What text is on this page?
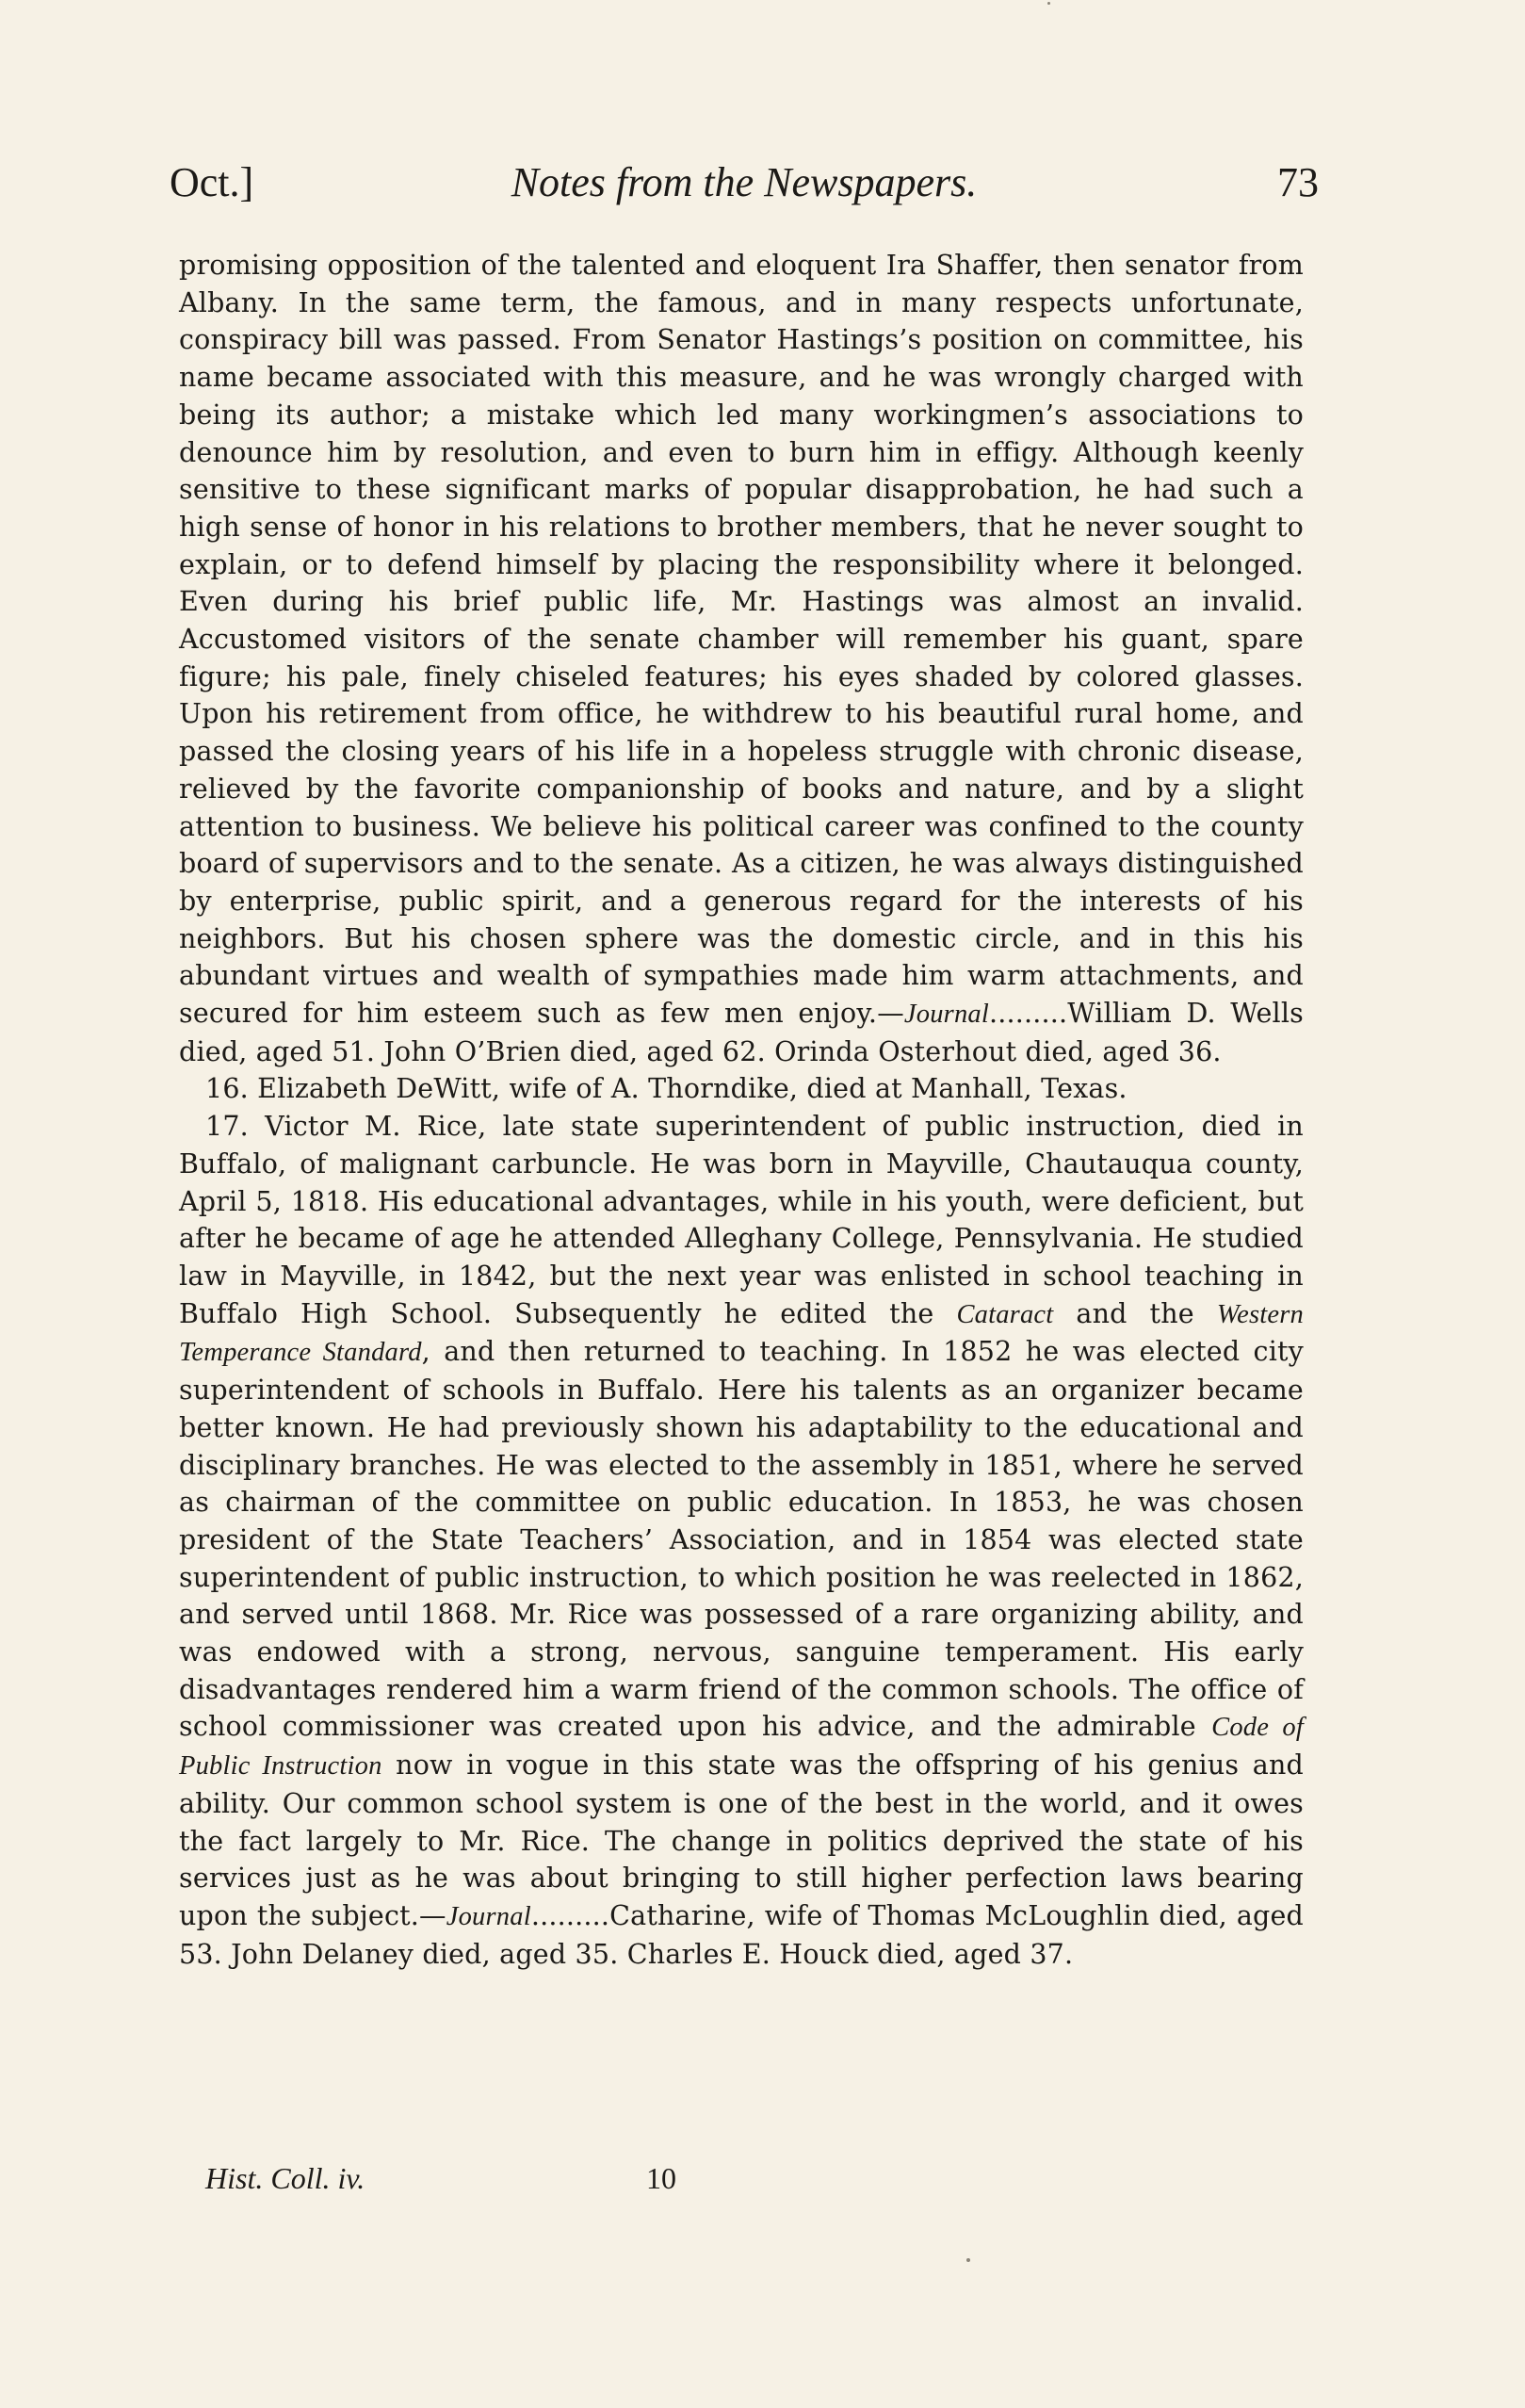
Oct.]	Notes from the Newspapers.	73

promising opposition of the talented and eloquent Ira Shaffer, then senator from Albany. In the same term, the famous, and in many respects unfortunate, conspiracy bill was passed. From Senator Hastings’s position on committee, his name became associated with this measure, and he was wrongly charged with being its author; a mistake which led many workingmen’s associations to denounce him by resolution, and even to burn him in effigy. Although keenly sensitive to these significant marks of popular disapprobation, he had such a high sense of honor in his relations to brother members, that he never sought to explain, or to defend himself by placing the responsibility where it belonged. Even during his brief public life, Mr. Hastings was almost an invalid. Accustomed visitors of the senate chamber will remember his guant, spare figure; his pale, finely chiseled features; his eyes shaded by colored glasses. Upon his retirement from office, he withdrew to his beautiful rural home, and passed the closing years of his life in a hopeless struggle with chronic disease, relieved by the favorite companionship of books and nature, and by a slight attention to business. We believe his political career was confined to the county board of supervisors and to the senate. As a citizen, he was always distinguished by enterprise, public spirit, and a generous regard for the interests of his neighbors. But his chosen sphere was the domestic circle, and in this his abundant virtues and wealth of sympathies made him warm attachments, and secured for him esteem such as few men enjoy.—Journal.........William D. Wells died, aged 51. John O’Brien died, aged 62. Orinda Osterhout died, aged 36.

16. Elizabeth DeWitt, wife of A. Thorndike, died at Manhall, Texas.

17. Victor M. Rice, late state superintendent of public instruction, died in Buffalo, of malignant carbuncle. He was born in Mayville, Chautauqua county, April 5, 1818. His educational advantages, while in his youth, were deficient, but after he became of age he attended Alleghany College, Pennsylvania. He studied law in Mayville, in 1842, but the next year was enlisted in school teaching in Buffalo High School. Subsequently he edited the Cataract and the Western Temperance Standard, and then returned to teaching. In 1852 he was elected city superintendent of schools in Buffalo. Here his talents as an organizer became better known. He had previously shown his adaptability to the educational and disciplinary branches. He was elected to the assembly in 1851, where he served as chairman of the committee on public education. In 1853, he was chosen president of the State Teachers’ Association, and in 1854 was elected state superintendent of public instruction, to which position he was reelected in 1862, and served until 1868. Mr. Rice was possessed of a rare organizing ability, and was endowed with a strong, nervous, sanguine temperament. His early disadvantages rendered him a warm friend of the common schools. The office of school commissioner was created upon his advice, and the admirable Code of Public Instruction now in vogue in this state was the offspring of his genius and ability. Our common school system is one of the best in the world, and it owes the fact largely to Mr. Rice. The change in politics deprived the state of his services just as he was about bringing to still higher perfection laws bearing upon the subject.—Journal.........Catharine, wife of Thomas McLoughlin died, aged 53. John Delaney died, aged 35. Charles E. Houck died, aged 37.

Hist. Coll. iv.	10
